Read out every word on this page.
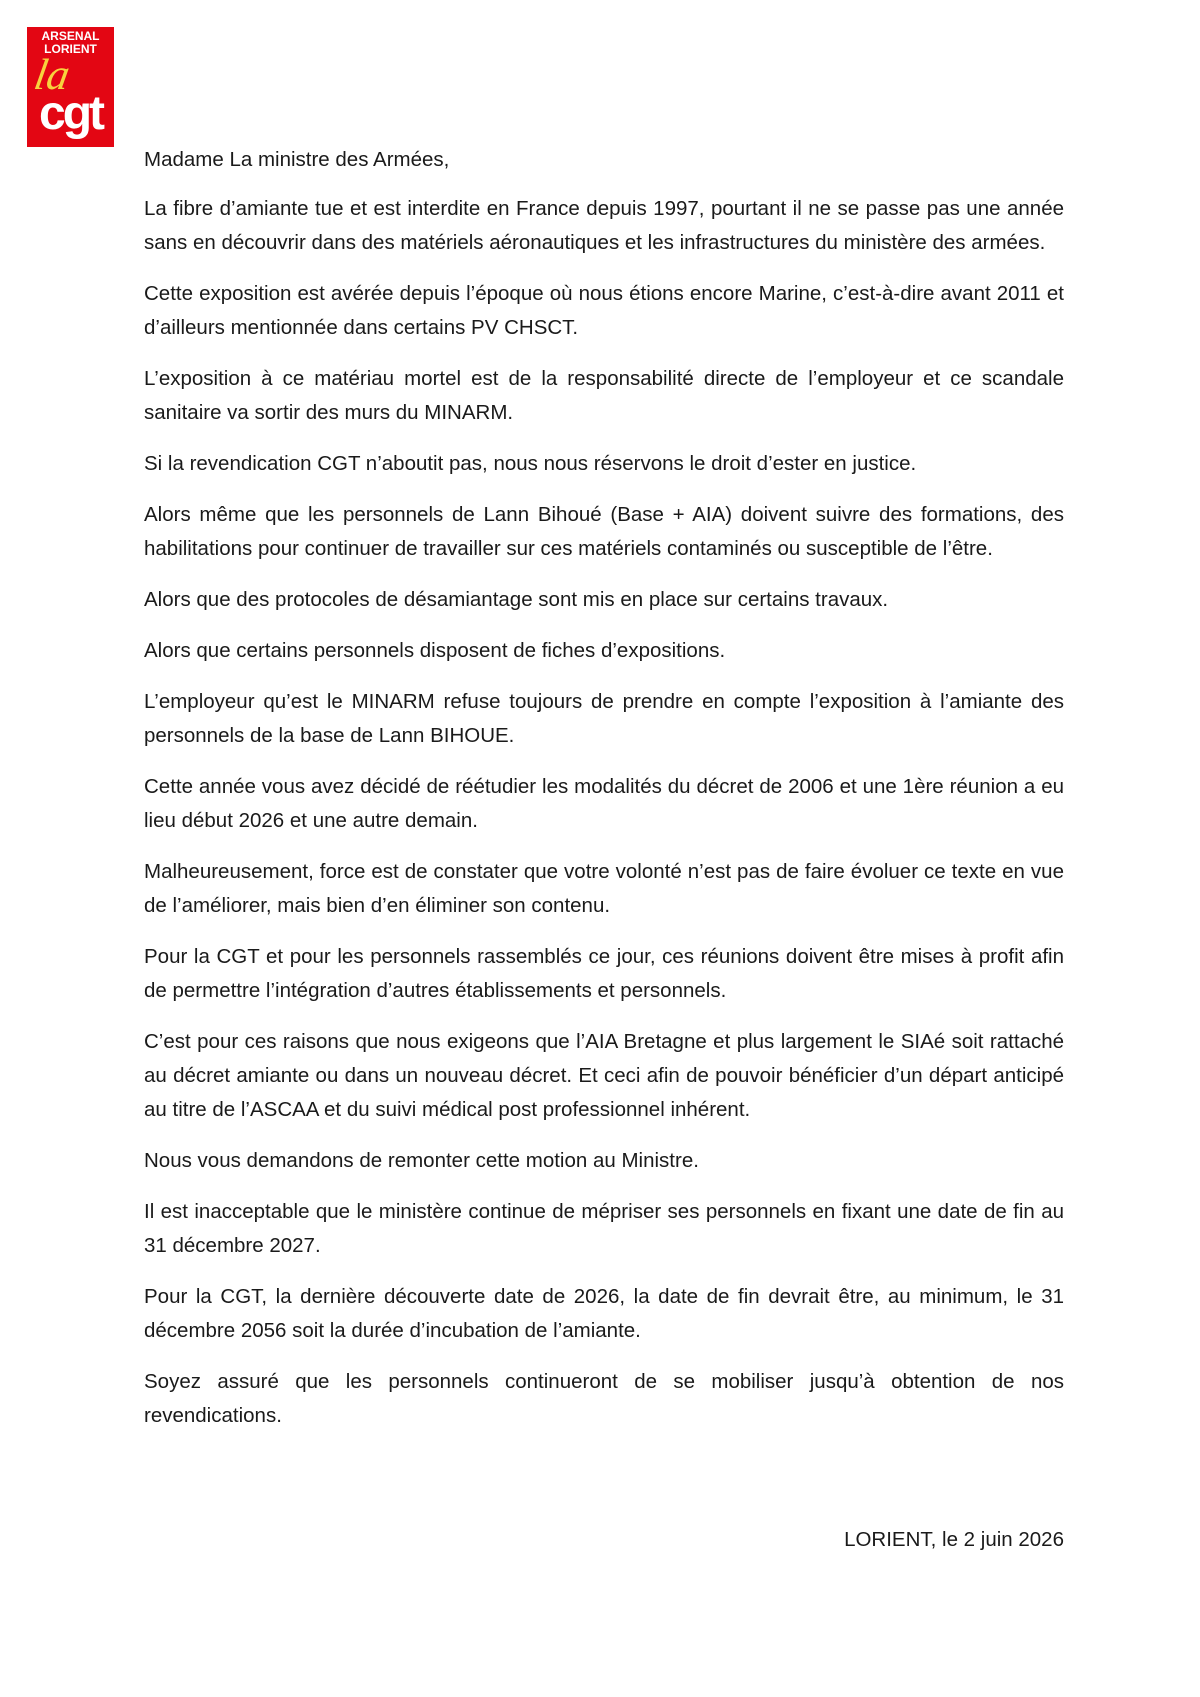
ARSENAL
LORIENT
la
cgt

Madame La ministre des Armées,

La fibre d’amiante tue et est interdite en France depuis 1997, pourtant il ne se passe pas une année sans en découvrir dans des matériels aéronautiques et les infrastructures du ministère des armées.

Cette exposition est avérée depuis l’époque où nous étions encore Marine, c’est-à-dire avant 2011 et d’ailleurs mentionnée dans certains PV CHSCT.

L’exposition à ce matériau mortel est de la responsabilité directe de l’employeur et ce scandale sanitaire va sortir des murs du MINARM.

Si la revendication CGT n’aboutit pas, nous nous réservons le droit d’ester en justice.

Alors même que les personnels de Lann Bihoué (Base + AIA) doivent suivre des formations, des habilitations pour continuer de travailler sur ces matériels contaminés ou susceptible de l’être.

Alors que des protocoles de désamiantage sont mis en place sur certains travaux.

Alors que certains personnels disposent de fiches d’expositions.

L’employeur qu’est le MINARM refuse toujours de prendre en compte l’exposition à l’amiante des personnels de la base de Lann BIHOUE.

Cette année vous avez décidé de réétudier les modalités du décret de 2006 et une 1ère réunion a eu lieu début 2026 et une autre demain.

Malheureusement, force est de constater que votre volonté n’est pas de faire évoluer ce texte en vue de l’améliorer, mais bien d’en éliminer son contenu.

Pour la CGT et pour les personnels rassemblés ce jour, ces réunions doivent être mises à profit afin de permettre l’intégration d’autres établissements et personnels.

C’est pour ces raisons que nous exigeons que l’AIA Bretagne et plus largement le SIAé soit rattaché au décret amiante ou dans un nouveau décret. Et ceci afin de pouvoir bénéficier d’un départ anticipé au titre de l’ASCAA et du suivi médical post professionnel inhérent.

Nous vous demandons de remonter cette motion au Ministre.

Il est inacceptable que le ministère continue de mépriser ses personnels en fixant une date de fin au 31 décembre 2027.

Pour la CGT, la dernière découverte date de 2026, la date de fin devrait être, au minimum, le 31 décembre 2056 soit la durée d’incubation de l’amiante.

Soyez assuré que les personnels continueront de se mobiliser jusqu’à obtention de nos revendications.

LORIENT, le 2 juin 2026
